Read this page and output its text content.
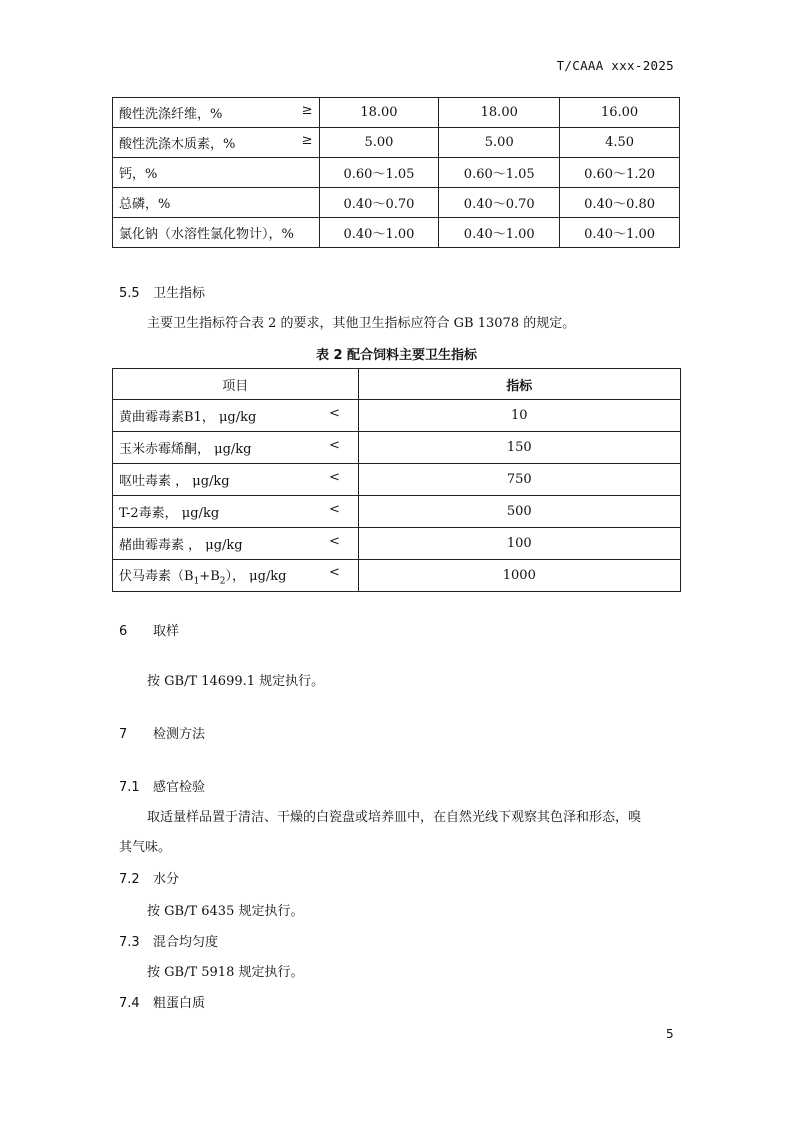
T/CAAA xxx-2025
酸性洗涤纤维，% ≥	18.00	18.00	16.00
酸性洗涤木质素，% ≥	5.00	5.00	4.50
钙，%	0.60～1.05	0.60～1.05	0.60～1.20
总磷，%	0.40～0.70	0.40～0.70	0.40～0.80
氯化钠（水溶性氯化物计），%	0.40～1.00	0.40～1.00	0.40～1.00
5.5 卫生指标
主要卫生指标符合表 2 的要求，其他卫生指标应符合 GB 13078 的规定。
表 2 配合饲料主要卫生指标
项目	指标
黄曲霉毒素B1， μg/kg <	10
玉米赤霉烯酮， μg/kg <	150
呕吐毒素 ， μg/kg <	750
T-2毒素， μg/kg <	500
赭曲霉毒素 ， μg/kg <	100
伏马毒素$(B_1+B_2)$， μg/kg <	1000
6 取样
按 GB/T 14699.1 规定执行。
7 检测方法
7.1 感官检验
取适量样品置于清洁、干燥的白瓷盘或培养皿中，在自然光线下观察其色泽和形态，嗅
其气味。
7.2 水分
按 GB/T 6435 规定执行。
7.3 混合均匀度
按 GB/T 5918 规定执行。
7.4 粗蛋白质
5
